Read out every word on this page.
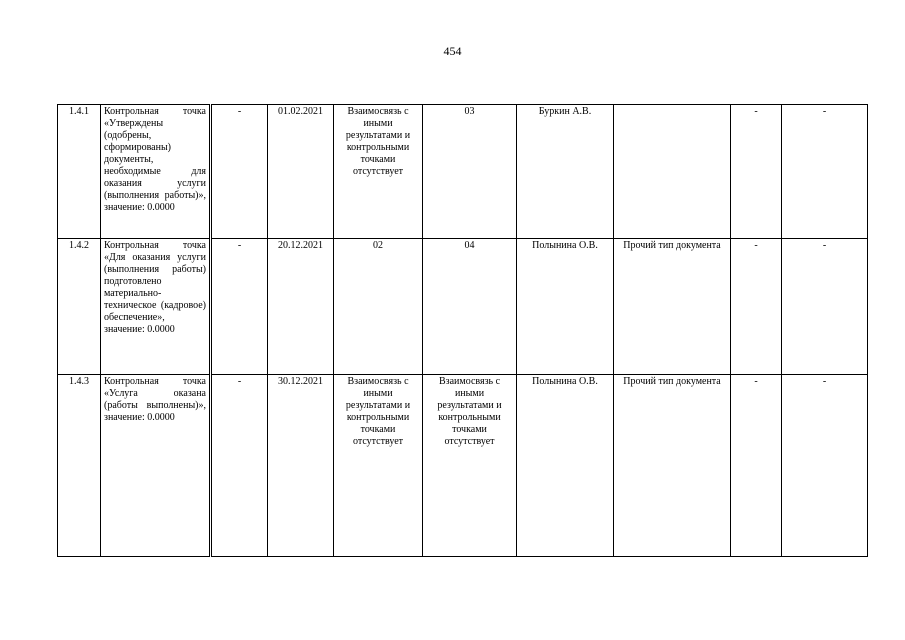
454
1.4.1	Контрольная точка «Утверждены (одобрены, сформированы) документы, необходимые для оказания услуги (выполнения работы)», значение: 0.0000	-	01.02.2021	Взаимосвязь с иными результатами и контрольными точками отсутствует	03	Буркин А.В.		-	-
1.4.2	Контрольная точка «Для оказания услуги (выполнения работы) подготовлено материально-техническое (кадровое) обеспечение», значение: 0.0000	-	20.12.2021	02	04	Полынина О.В.	Прочий тип документа	-	-
1.4.3	Контрольная точка «Услуга оказана (работы выполнены)», значение: 0.0000	-	30.12.2021	Взаимосвязь с иными результатами и контрольными точками отсутствует	Взаимосвязь с иными результатами и контрольными точками отсутствует	Полынина О.В.	Прочий тип документа	-	-
